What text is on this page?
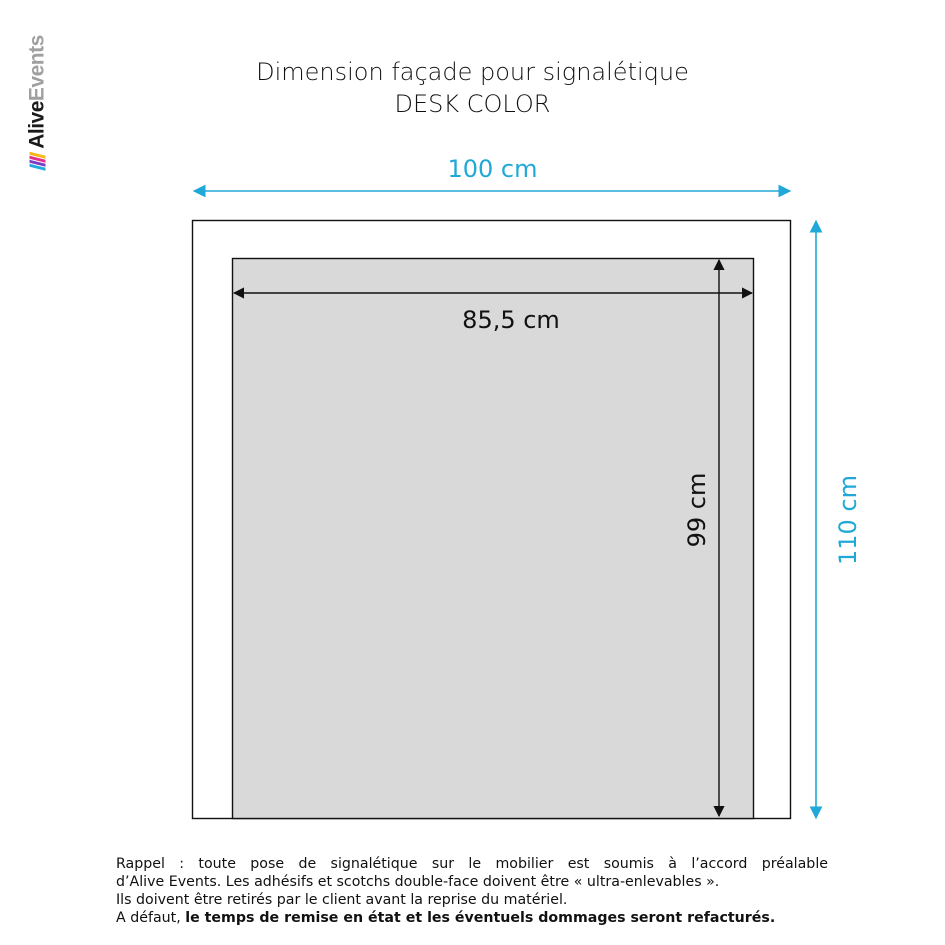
AliveEvents	Dimension façade pour signalétique
DESK COLOR
100 cm
85,5 cm
99 cm	110 cm

Rappel : toute pose de signalétique sur le mobilier est soumis à l’accord préalable

d’Alive Events. Les adhésifs et scotchs double-face doivent être « ultra-enlevables ».

Ils doivent être retirés par le client avant la reprise du matériel.

A défaut, le temps de remise en état et les éventuels dommages seront refacturés.
